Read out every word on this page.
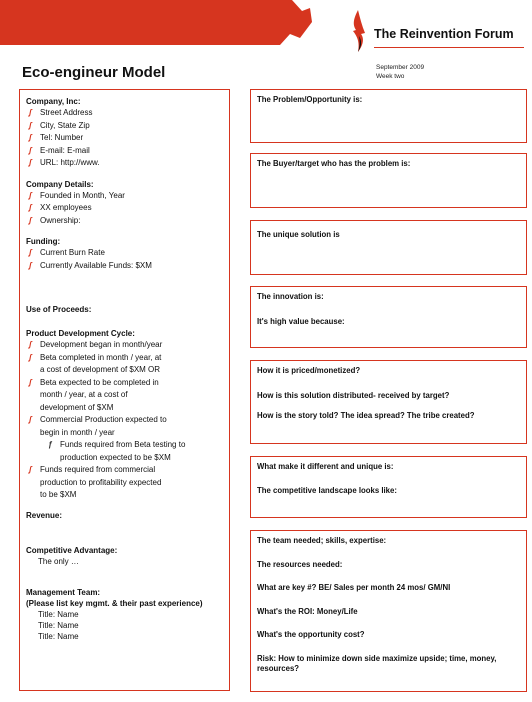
The Reinvention Forum
September 2009
Week two
Eco-engineur Model

Company, Inc:

ʃ Street Address
ʃ City, State Zip
ʃ Tel: Number
ʃ E-mail: E-mail
ʃ URL: http://www.

Company Details:

ʃ Founded in Month, Year
ʃ XX employees
ʃ Ownership:

Funding:

ʃ Current Burn Rate
ʃ Currently Available Funds: $XM

Use of Proceeds:

Product Development Cycle:

ʃ Development began in month/year
ʃ Beta completed in month / year, at
a cost of development of $XM OR
ʃ Beta expected to be completed in
month / year, at a cost of
development of $XM
ʃ Commercial Production expected to
begin in month / year
ƒ Funds required from Beta testing to
production expected to be $XM
ʃ Funds required from commercial
production to profitability expected
to be $XM

Revenue:

Competitive Advantage:

The only …

Management Team:

(Please list key mgmt. & their past experience)

Title: Name
Title: Name
Title: Name

The Problem/Opportunity is:

The Buyer/target who has the problem is:

The unique solution is

The innovation is:

It's high value because:

How it is priced/monetized?

How is this solution distributed- received by target?

How is the story told? The idea spread? The tribe created?

What make it different and unique is:

The competitive landscape looks like:

The team needed; skills, expertise:

The resources needed:

What are key #? BE/ Sales per month 24 mos/ GM/NI

What's the ROI: Money/Life

What's the opportunity cost?

Risk: How to minimize down side maximize upside; time, money, resources?
